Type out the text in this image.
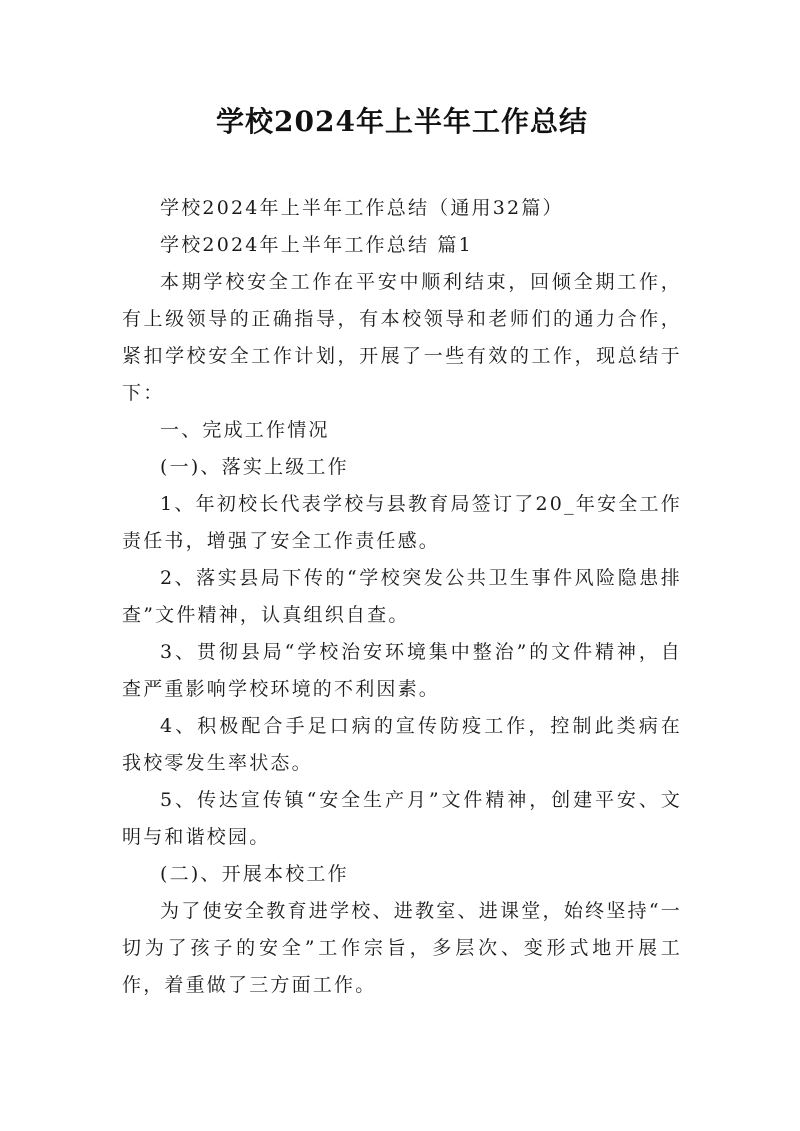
学校2024年上半年工作总结

学校2024年上半年工作总结（通用32篇）

学校2024年上半年工作总结 篇1

本期学校安全工作在平安中顺利结束，回倾全期工作，有上级领导的正确指导，有本校领导和老师们的通力合作，紧扣学校安全工作计划，开展了一些有效的工作，现总结于下：

一、完成工作情况

(一)、落实上级工作

1、年初校长代表学校与县教育局签订了20_年安全工作责任书，增强了安全工作责任感。

2、落实县局下传的“学校突发公共卫生事件风险隐患排查”文件精神，认真组织自查。

3、贯彻县局“学校治安环境集中整治”的文件精神，自查严重影响学校环境的不利因素。

4、积极配合手足口病的宣传防疫工作，控制此类病在我校零发生率状态。

5、传达宣传镇“安全生产月”文件精神，创建平安、文明与和谐校园。

(二)、开展本校工作

为了使安全教育进学校、进教室、进课堂，始终坚持“一切为了孩子的安全”工作宗旨，多层次、变形式地开展工作，着重做了三方面工作。
